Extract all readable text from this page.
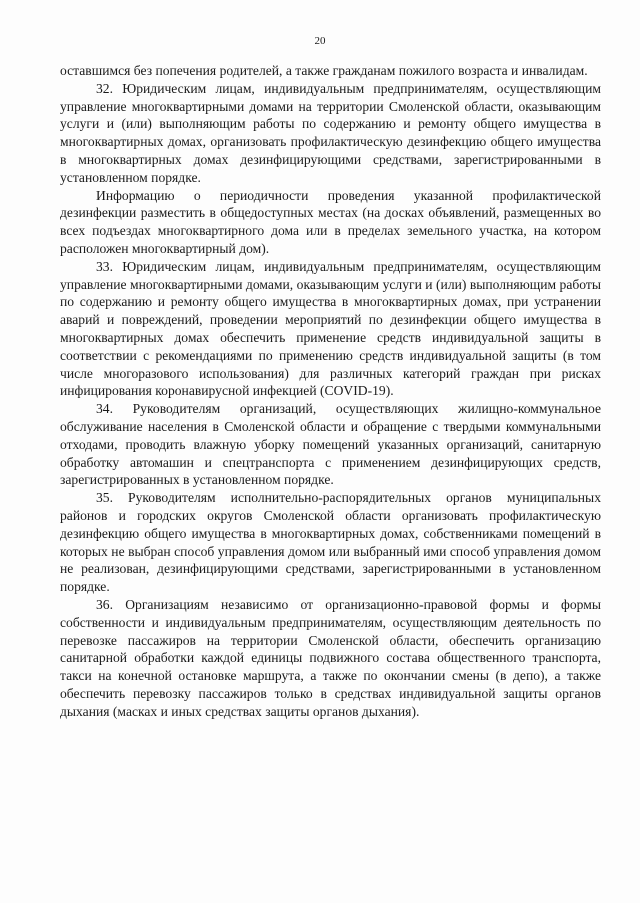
20

оставшимся без попечения родителей, а также гражданам пожилого возраста и инвалидам.

32. Юридическим лицам, индивидуальным предпринимателям, осуществляющим управление многоквартирными домами на территории Смоленской области, оказывающим услуги и (или) выполняющим работы по содержанию и ремонту общего имущества в многоквартирных домах, организовать профилактическую дезинфекцию общего имущества в многоквартирных домах дезинфицирующими средствами, зарегистрированными в установленном порядке.

Информацию о периодичности проведения указанной профилактической дезинфекции разместить в общедоступных местах (на досках объявлений, размещенных во всех подъездах многоквартирного дома или в пределах земельного участка, на котором расположен многоквартирный дом).

33. Юридическим лицам, индивидуальным предпринимателям, осуществляющим управление многоквартирными домами, оказывающим услуги и (или) выполняющим работы по содержанию и ремонту общего имущества в многоквартирных домах, при устранении аварий и повреждений, проведении мероприятий по дезинфекции общего имущества в многоквартирных домах обеспечить применение средств индивидуальной защиты в соответствии с рекомендациями по применению средств индивидуальной защиты (в том числе многоразового использования) для различных категорий граждан при рисках инфицирования коронавирусной инфекцией (COVID-19).

34. Руководителям организаций, осуществляющих жилищно-коммунальное обслуживание населения в Смоленской области и обращение с твердыми коммунальными отходами, проводить влажную уборку помещений указанных организаций, санитарную обработку автомашин и спецтранспорта с применением дезинфицирующих средств, зарегистрированных в установленном порядке.

35. Руководителям исполнительно-распорядительных органов муниципальных районов и городских округов Смоленской области организовать профилактическую дезинфекцию общего имущества в многоквартирных домах, собственниками помещений в которых не выбран способ управления домом или выбранный ими способ управления домом не реализован, дезинфицирующими средствами, зарегистрированными в установленном порядке.

36. Организациям независимо от организационно-правовой формы и формы собственности и индивидуальным предпринимателям, осуществляющим деятельность по перевозке пассажиров на территории Смоленской области, обеспечить организацию санитарной обработки каждой единицы подвижного состава общественного транспорта, такси на конечной остановке маршрута, а также по окончании смены (в депо), а также обеспечить перевозку пассажиров только в средствах индивидуальной защиты органов дыхания (масках и иных средствах защиты органов дыхания).
